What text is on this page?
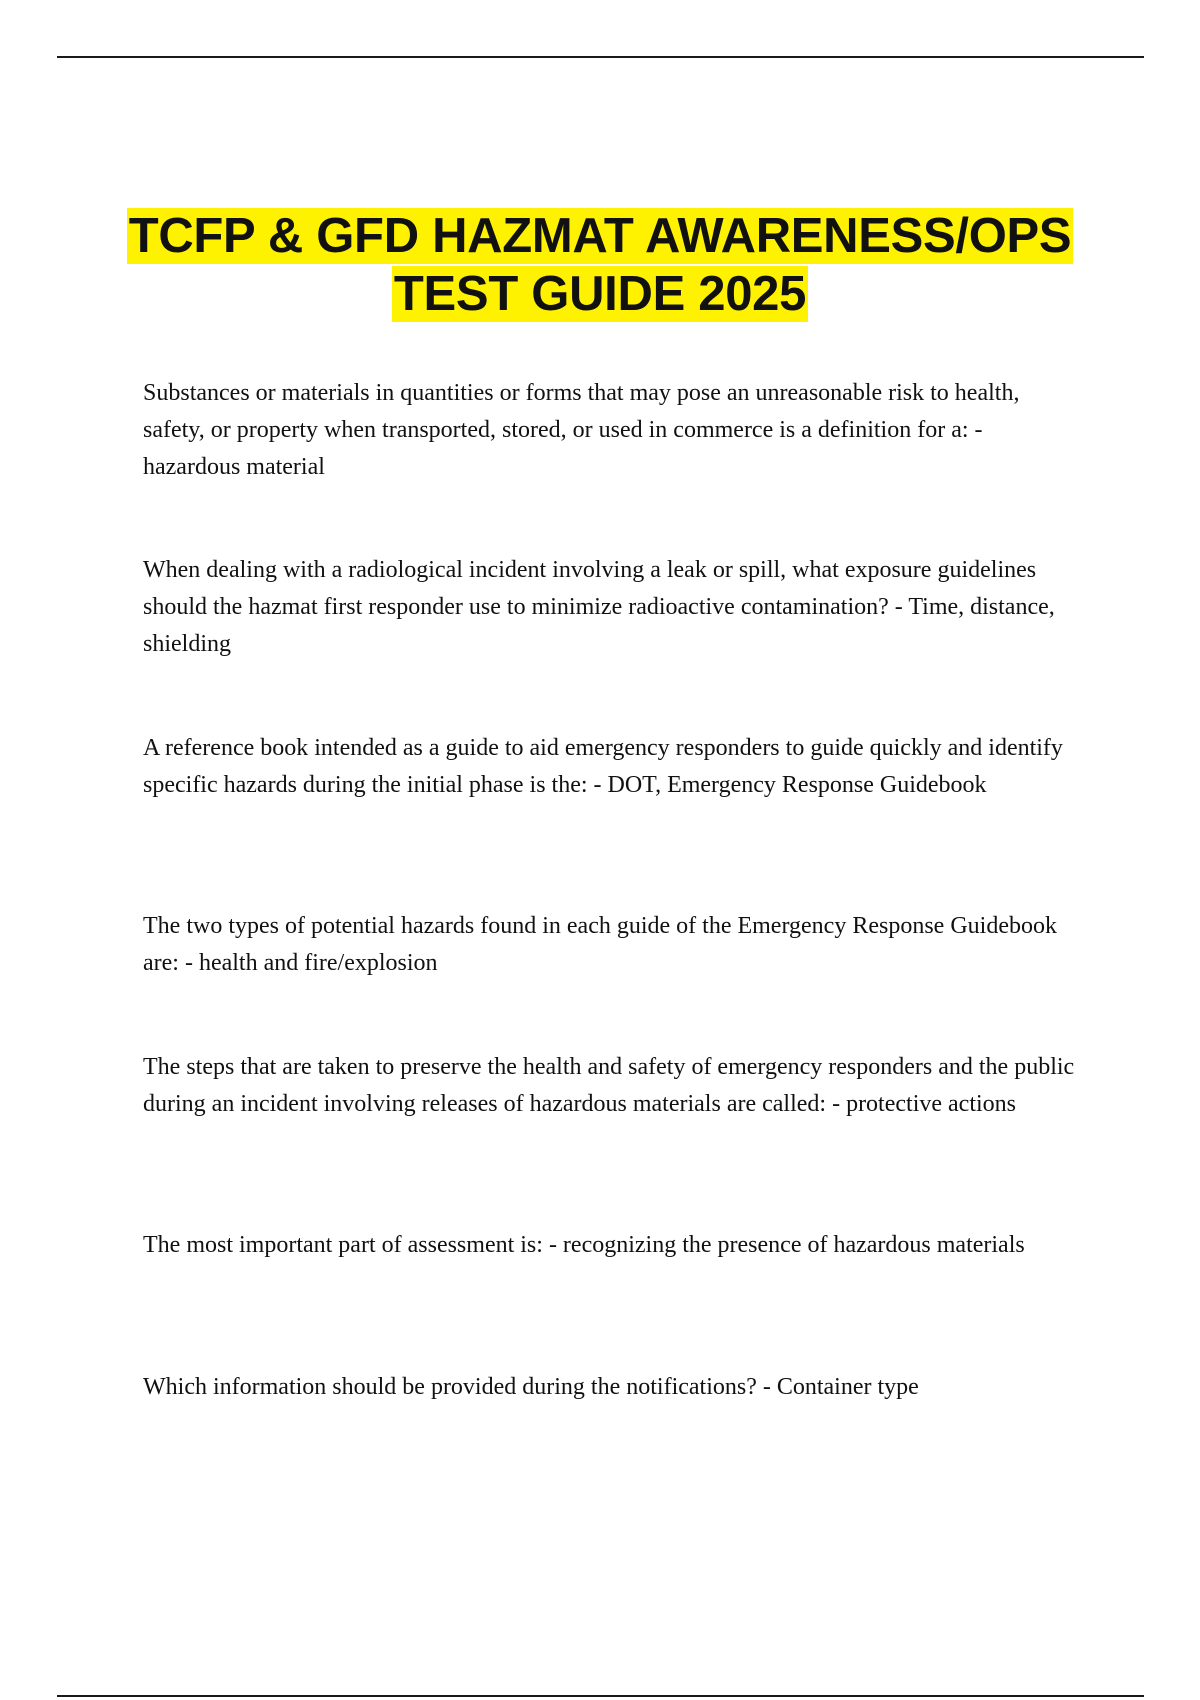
TCFP & GFD HAZMAT AWARENESS/OPS
TEST GUIDE 2025

Substances or materials in quantities or forms that may pose an unreasonable risk to health, safety, or property when transported, stored, or used in commerce is a definition for a: - hazardous material

When dealing with a radiological incident involving a leak or spill, what exposure guidelines should the hazmat first responder use to minimize radioactive contamination? - Time, distance, shielding

A reference book intended as a guide to aid emergency responders to guide quickly and identify specific hazards during the initial phase is the: - DOT, Emergency Response Guidebook

The two types of potential hazards found in each guide of the Emergency Response Guidebook are: - health and fire/explosion

The steps that are taken to preserve the health and safety of emergency responders and the public during an incident involving releases of hazardous materials are called: - protective actions

The most important part of assessment is: - recognizing the presence of hazardous materials

Which information should be provided during the notifications? - Container type
